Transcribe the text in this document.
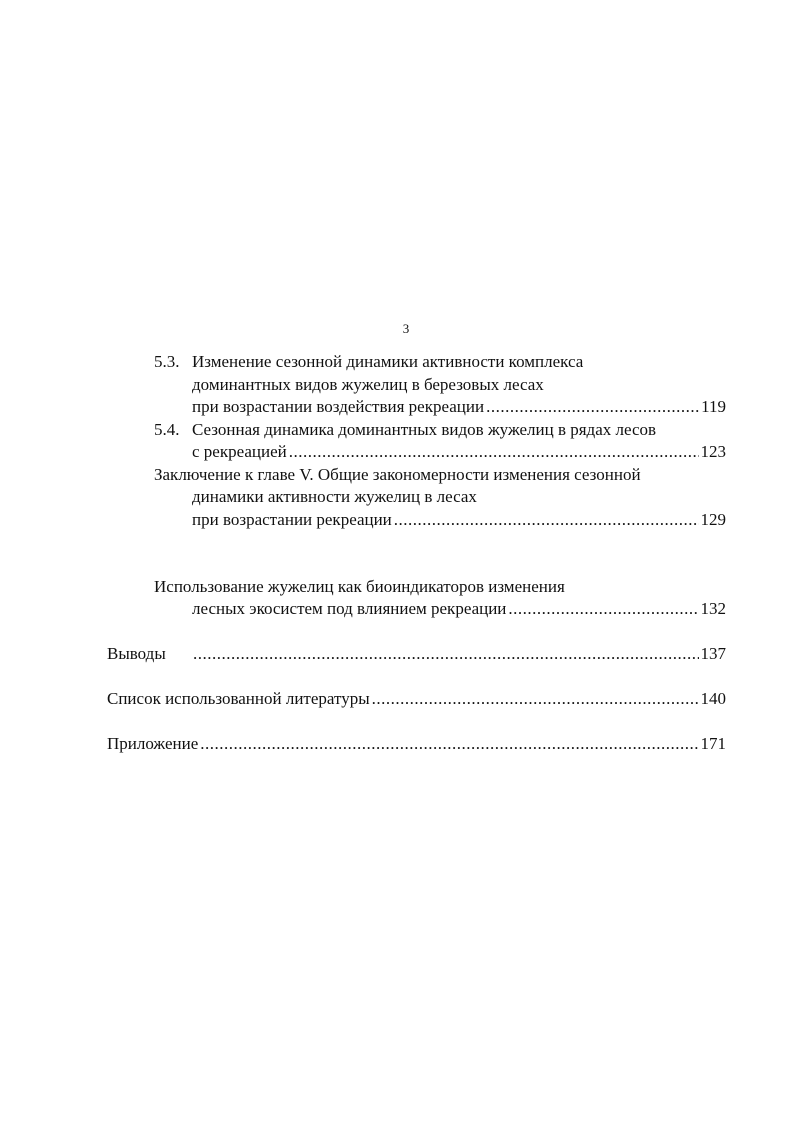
3
5.3. Изменение сезонной динамики активности комплекса
доминантных видов жужелиц в березовых лесах
при возрастании воздействия рекреации .....	119
5.4. Сезонная динамика доминантных видов жужелиц в рядах лесов
с рекреацией .....	123
Заключение к главе V. Общие закономерности изменения сезонной
динамики активности жужелиц в лесах
при возрастании рекреации .....	129
Использование жужелиц как биоиндикаторов изменения
лесных экосистем под влиянием рекреации .....	132
Выводы .....	137
Список использованной литературы .....	140
Приложение .....	171
